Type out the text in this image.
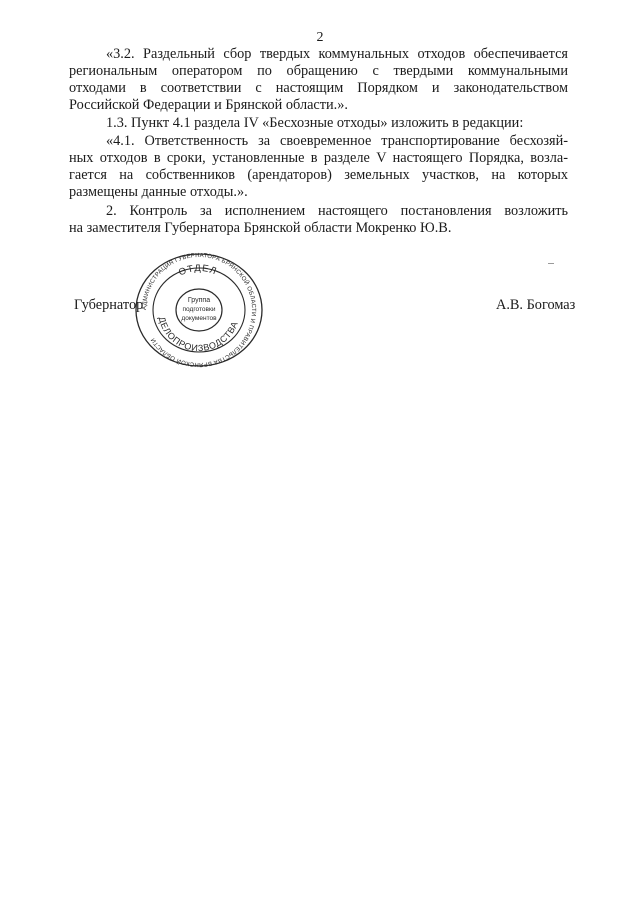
2
«3.2. Раздельный сбор твердых коммунальных отходов обеспечивается
региональным оператором по обращению с твердыми коммунальными
отходами в соответствии с настоящим Порядком и законодательством
Российской Федерации и Брянской области.».
1.3. Пункт 4.1 раздела IV «Бесхозные отходы» изложить в редакции:
«4.1. Ответственность за своевременное транспортирование бесхозяй-
ных отходов в сроки, установленные в разделе V настоящего Порядка, возла-
гается на собственников (арендаторов) земельных участков, на которых
размещены данные отходы.».
2. Контроль за исполнением настоящего постановления возложить
на заместителя Губернатора Брянской области Мокренко Ю.В.
Губернатор
АДМИНИСТРАЦИЯ ГУБЕРНАТОРА БРЯНСКОЙ ОБЛАСТИ И ПРАВИТЕЛЬСТВА БРЯНСКОЙ ОБЛАСТИ
ОТДЕЛ
ДЕЛОПРОИЗВОДСТВА
Группа
подготовки
документов
А.В. Богомаз
